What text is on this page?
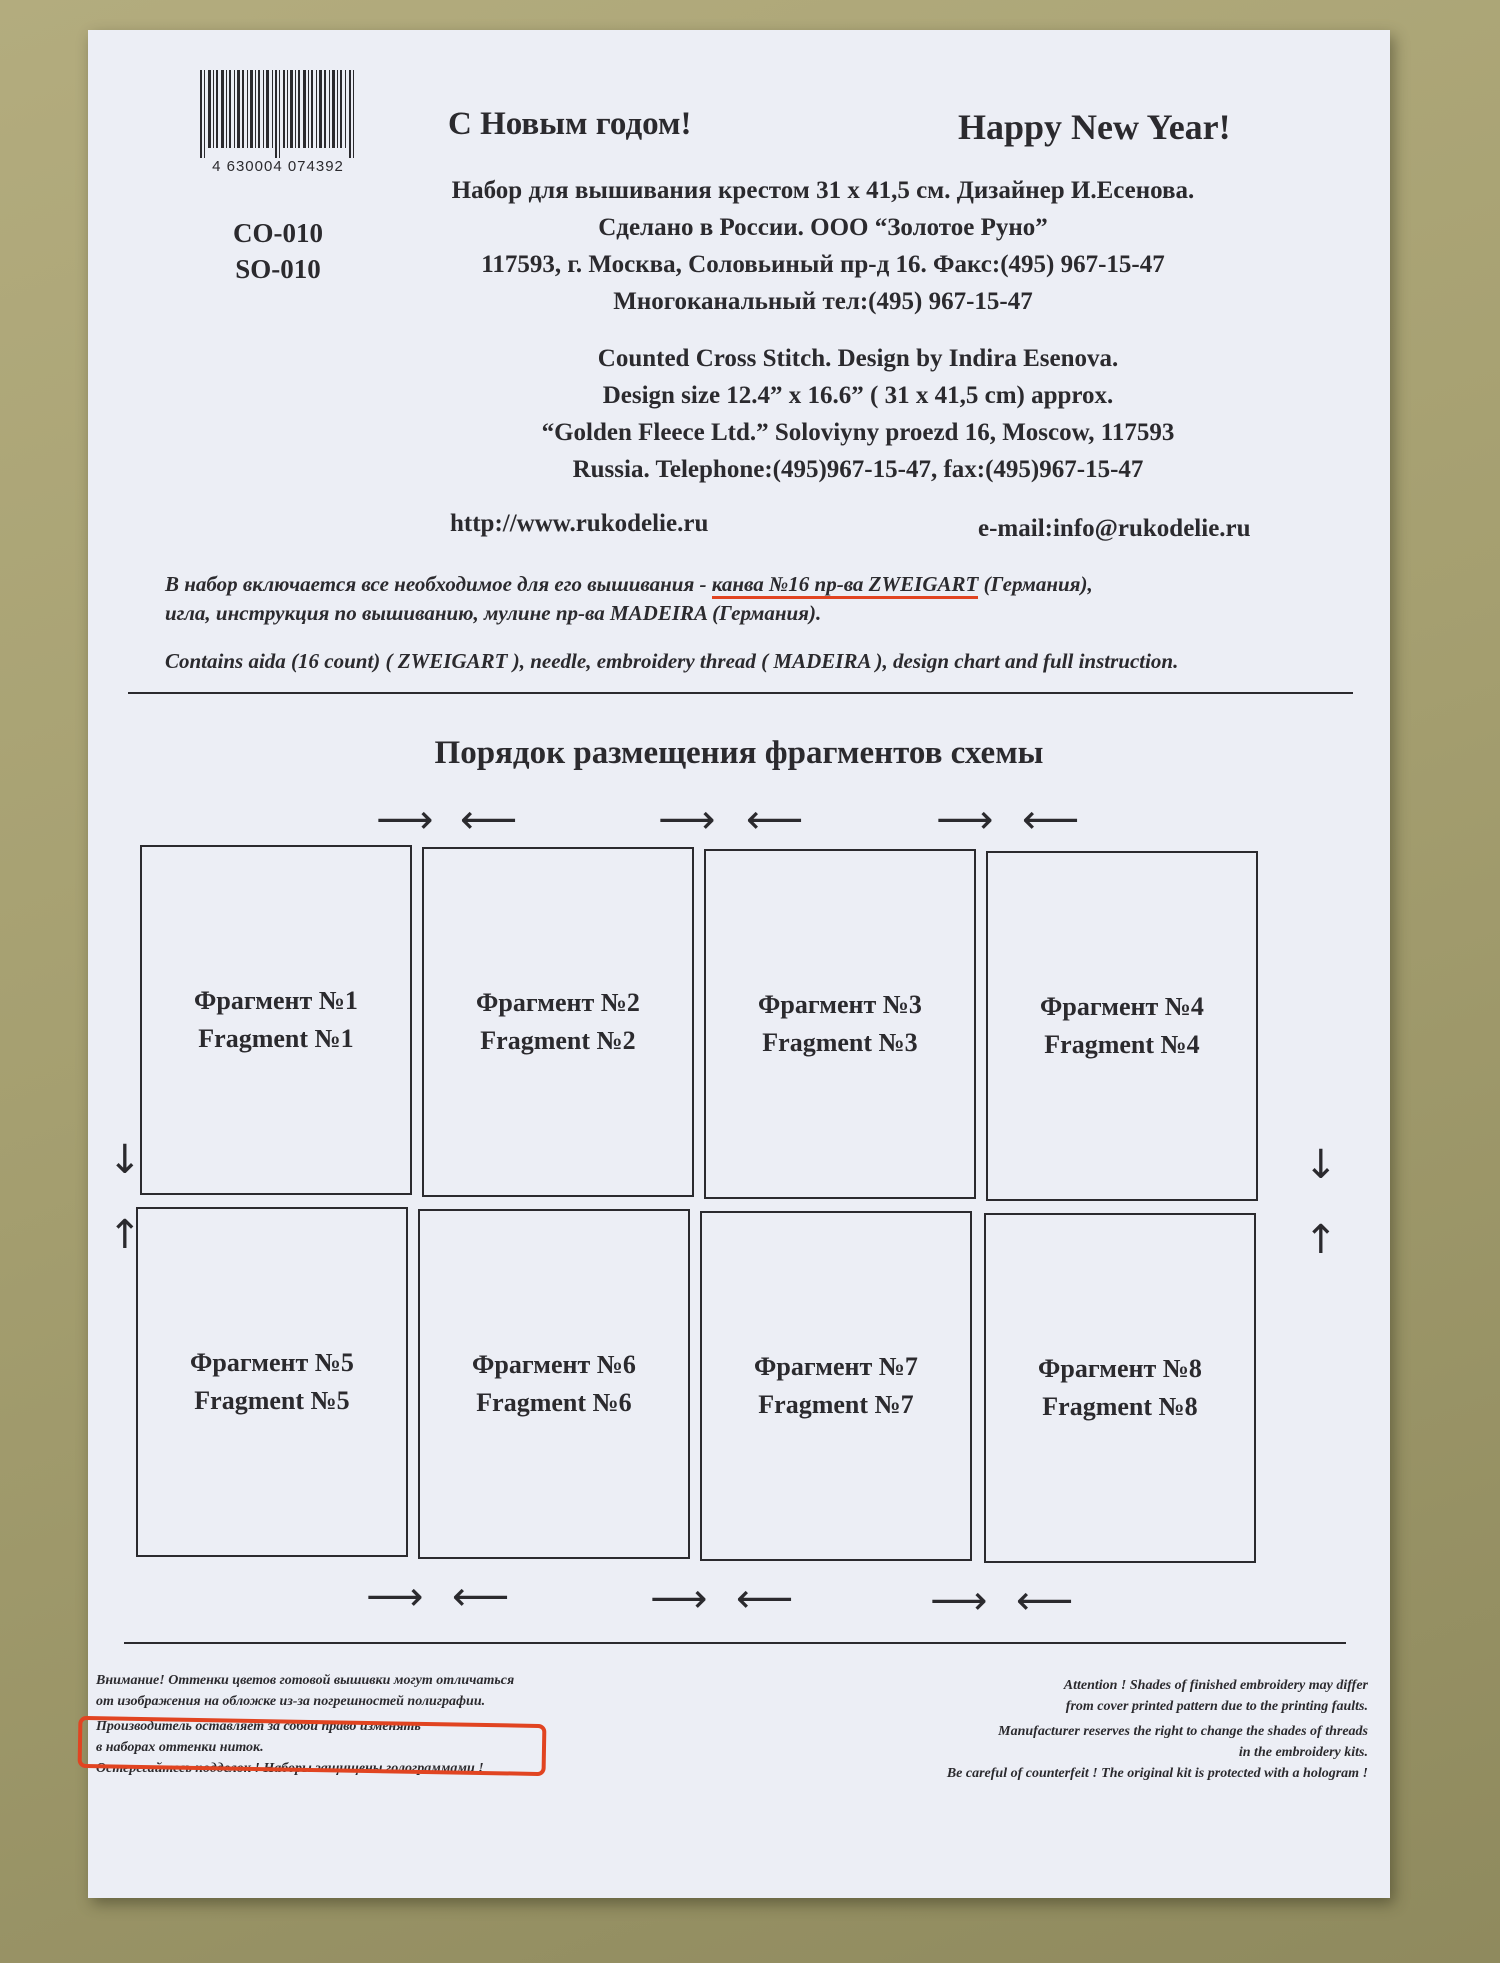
4 630004 074392
CO-010
SO-010
С Новым годом!	Happy New Year!
Набор для вышивания крестом 31 х 41,5 см. Дизайнер И.Есенова.
Сделано в России. ООО “Золотое Руно”
117593, г. Москва, Соловьиный пр-д 16. Факс:(495) 967-15-47
Многоканальный тел:(495) 967-15-47
Counted Cross Stitch. Design by Indira Esenova.
Design size 12.4” x 16.6” ( 31 x 41,5 cm) approx.
“Golden Fleece Ltd.” Soloviyny proezd 16, Moscow, 117593
Russia. Telephone:(495)967-15-47, fax:(495)967-15-47
http://www.rukodelie.ru	e-mail:info@rukodelie.ru
В набор включается все необходимое для его вышивания - канва №16 пр-ва ZWEIGART (Германия),
игла, инструкция по вышиванию, мулине пр-ва MADEIRA (Германия).
Contains aida (16 count) ( ZWEIGART ), needle, embroidery thread ( MADEIRA ), design chart and full instruction.
Порядок размещения фрагментов схемы
⟶ ⟵	⟶ ⟵	⟶ ⟵
↓
↑
↓
↑
Фрагмент №1
Fragment №1
Фрагмент №2
Fragment №2
Фрагмент №3
Fragment №3
Фрагмент №4
Fragment №4
Фрагмент №5
Fragment №5
Фрагмент №6
Fragment №6
Фрагмент №7
Fragment №7
Фрагмент №8
Fragment №8
⟶ ⟵	⟶ ⟵	⟶ ⟵

Внимание! Оттенки цветов готовой вышивки могут отличаться

от изображения на обложке из-за погрешностей полиграфии.

Производитель оставляет за собой право изменять

в наборах оттенки ниток.

Остерегайтесь подделок ! Наборы защищены голограммами !

Attention ! Shades of finished embroidery may differ

from cover printed pattern due to the printing faults.

Manufacturer reserves the right to change the shades of threads

in the embroidery kits.

Be careful of counterfeit ! The original kit is protected with a hologram !
